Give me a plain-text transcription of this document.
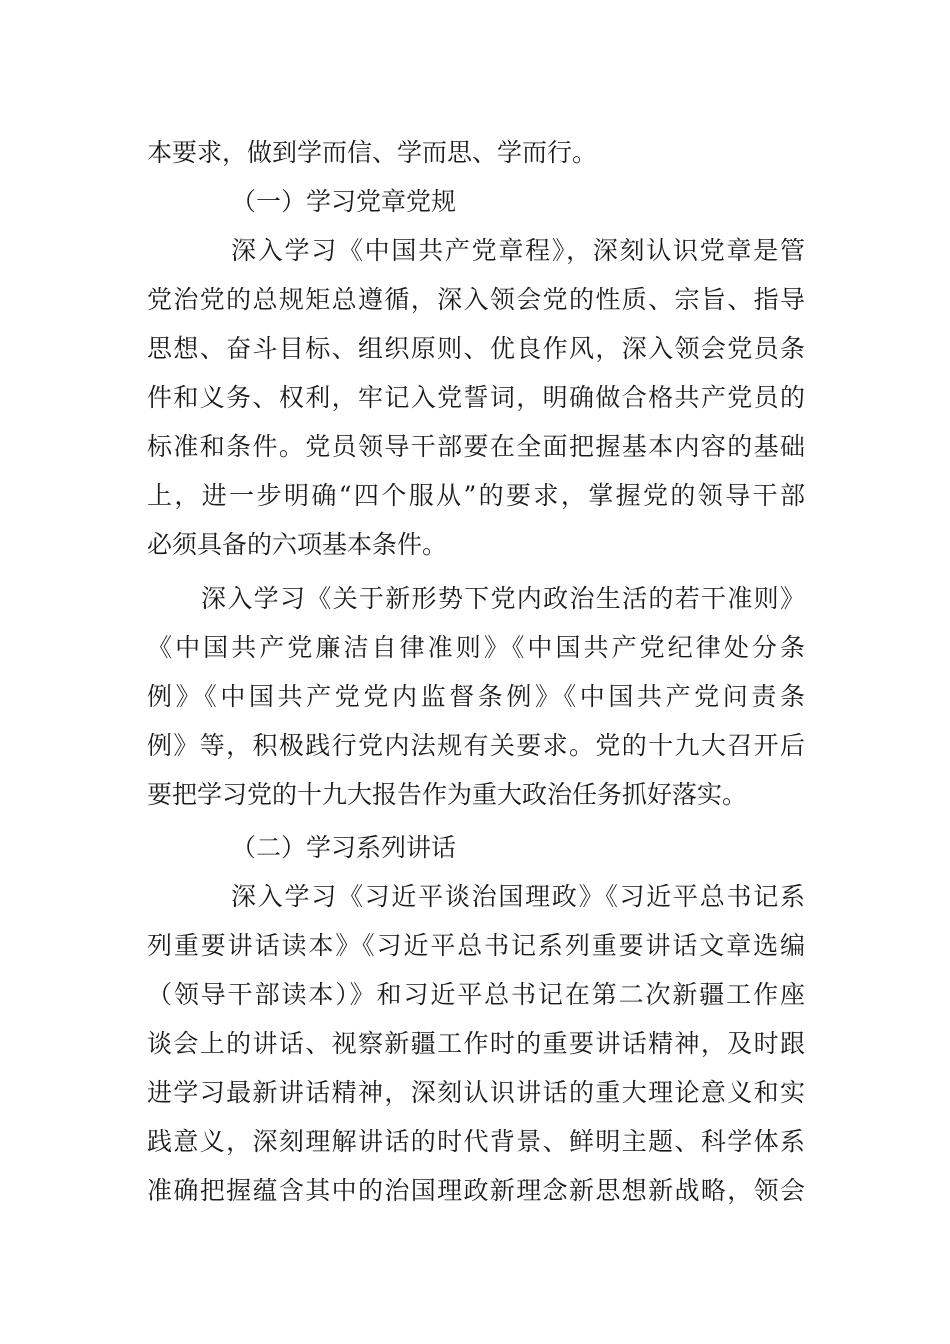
本要求，做到学而信、学而思、学而行。
（一）学习党章党规
深入学习《中国共产党章程》，深刻认识党章是管
党治党的总规矩总遵循，深入领会党的性质、宗旨、指导
思想、奋斗目标、组织原则、优良作风，深入领会党员条
件和义务、权利，牢记入党誓词，明确做合格共产党员的
标准和条件。党员领导干部要在全面把握基本内容的基础
上，进一步明确“四个服从”的要求，掌握党的领导干部
必须具备的六项基本条件。
深入学习《关于新形势下党内政治生活的若干准则》
《中国共产党廉洁自律准则》《中国共产党纪律处分条
例》《中国共产党党内监督条例》《中国共产党问责条
例》等，积极践行党内法规有关要求。党的十九大召开后
要把学习党的十九大报告作为重大政治任务抓好落实。
（二）学习系列讲话
深入学习《习近平谈治国理政》《习近平总书记系
列重要讲话读本》《习近平总书记系列重要讲话文章选编
（领导干部读本）》和习近平总书记在第二次新疆工作座
谈会上的讲话、视察新疆工作时的重要讲话精神，及时跟
进学习最新讲话精神，深刻认识讲话的重大理论意义和实
践意义，深刻理解讲话的时代背景、鲜明主题、科学体系
准确把握蕴含其中的治国理政新理念新思想新战略，领会
